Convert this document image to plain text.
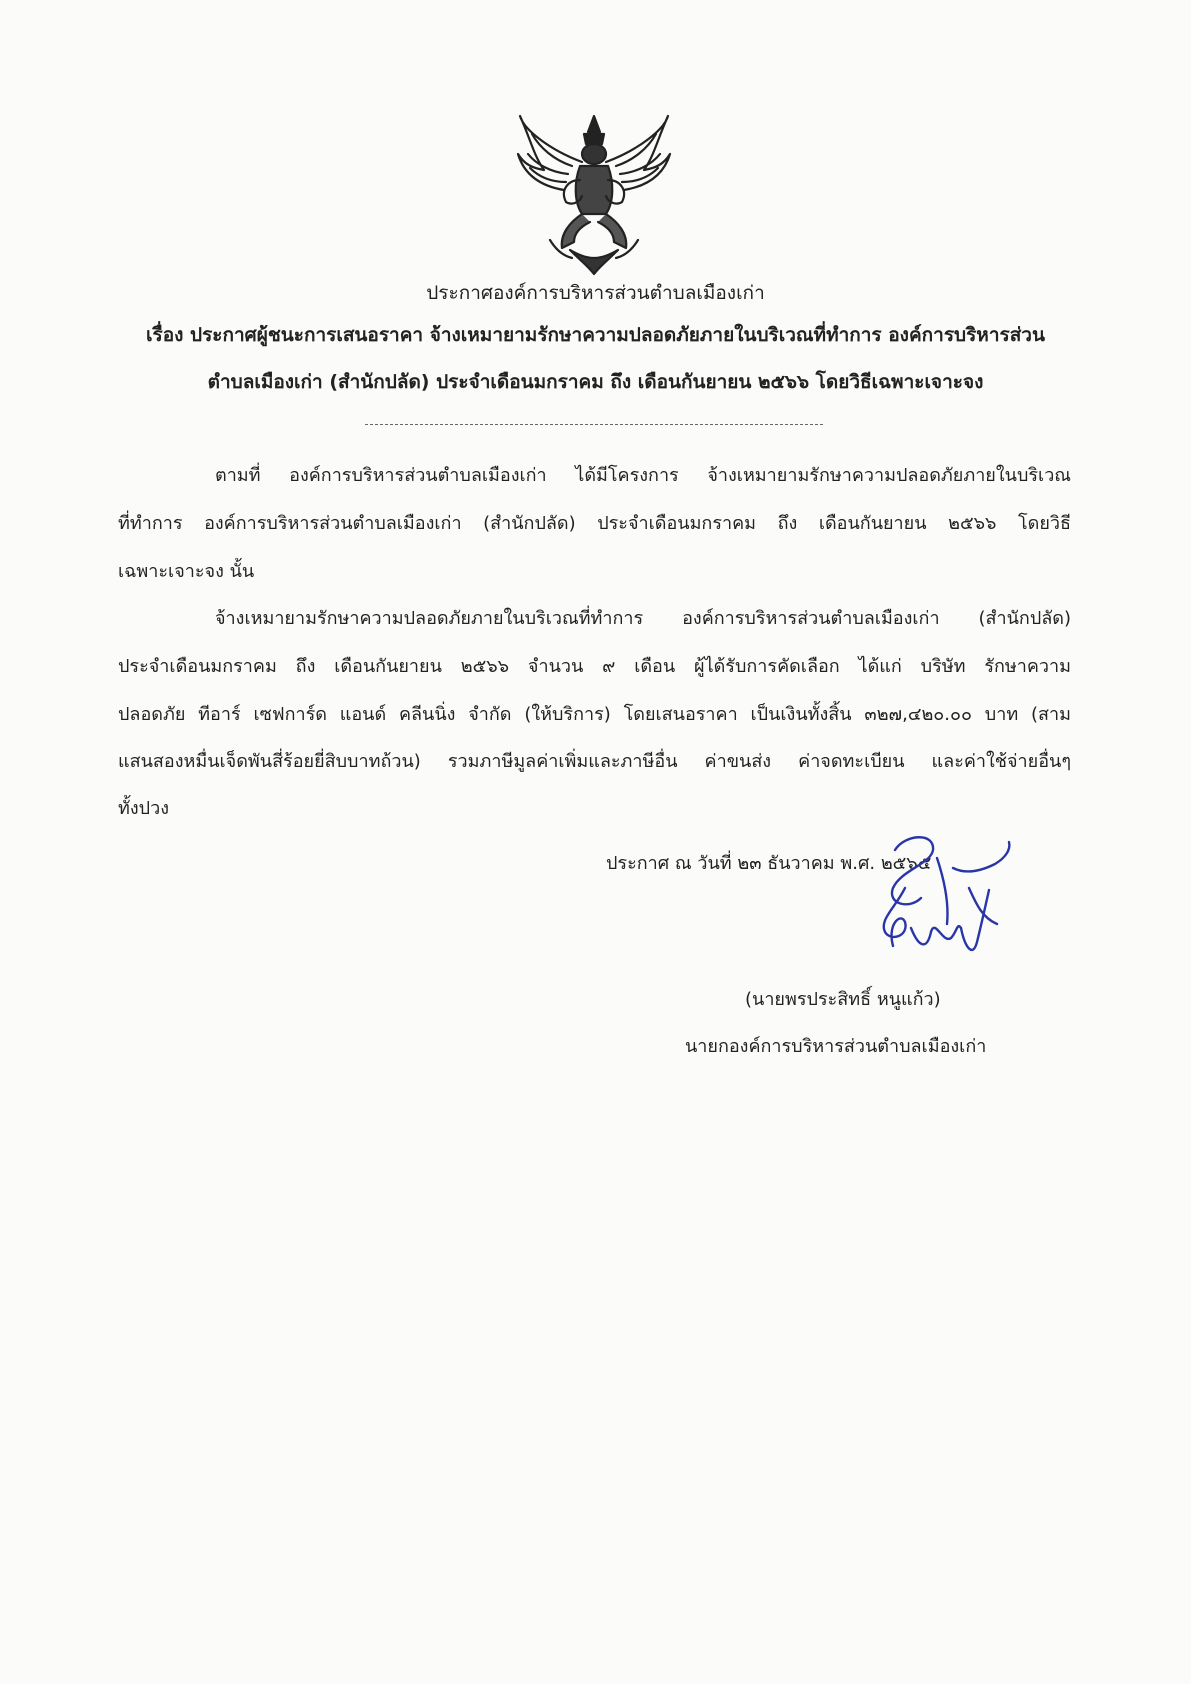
ประกาศองค์การบริหารส่วนตำบลเมืองเก่า
เรื่อง ประกาศผู้ชนะการเสนอราคา จ้างเหมายามรักษาความปลอดภัยภายในบริเวณที่ทำการ องค์การบริหารส่วน
ตำบลเมืองเก่า (สำนักปลัด) ประจำเดือนมกราคม ถึง เดือนกันยายน ๒๕๖๖ โดยวิธีเฉพาะเจาะจง
ตามที่ องค์การบริหารส่วนตำบลเมืองเก่า ได้มีโครงการ จ้างเหมายามรักษาความปลอดภัยภายในบริเวณ
ที่ทำการ องค์การบริหารส่วนตำบลเมืองเก่า (สำนักปลัด) ประจำเดือนมกราคม ถึง เดือนกันยายน ๒๕๖๖ โดยวิธี
เฉพาะเจาะจง นั้น
จ้างเหมายามรักษาความปลอดภัยภายในบริเวณที่ทำการ องค์การบริหารส่วนตำบลเมืองเก่า (สำนักปลัด)
ประจำเดือนมกราคม ถึง เดือนกันยายน ๒๕๖๖ จำนวน ๙ เดือน ผู้ได้รับการคัดเลือก ได้แก่ บริษัท รักษาความ
ปลอดภัย ทีอาร์ เซฟการ์ด แอนด์ คลีนนิ่ง จำกัด (ให้บริการ) โดยเสนอราคา เป็นเงินทั้งสิ้น ๓๒๗,๔๒๐.๐๐ บาท (สาม
แสนสองหมื่นเจ็ดพันสี่ร้อยยี่สิบบาทถ้วน) รวมภาษีมูลค่าเพิ่มและภาษีอื่น ค่าขนส่ง ค่าจดทะเบียน และค่าใช้จ่ายอื่นๆ
ทั้งปวง
ประกาศ ณ วันที่ ๒๓ ธันวาคม พ.ศ. ๒๕๖๕
(นายพรประสิทธิ์ หนูแก้ว)
นายกองค์การบริหารส่วนตำบลเมืองเก่า
